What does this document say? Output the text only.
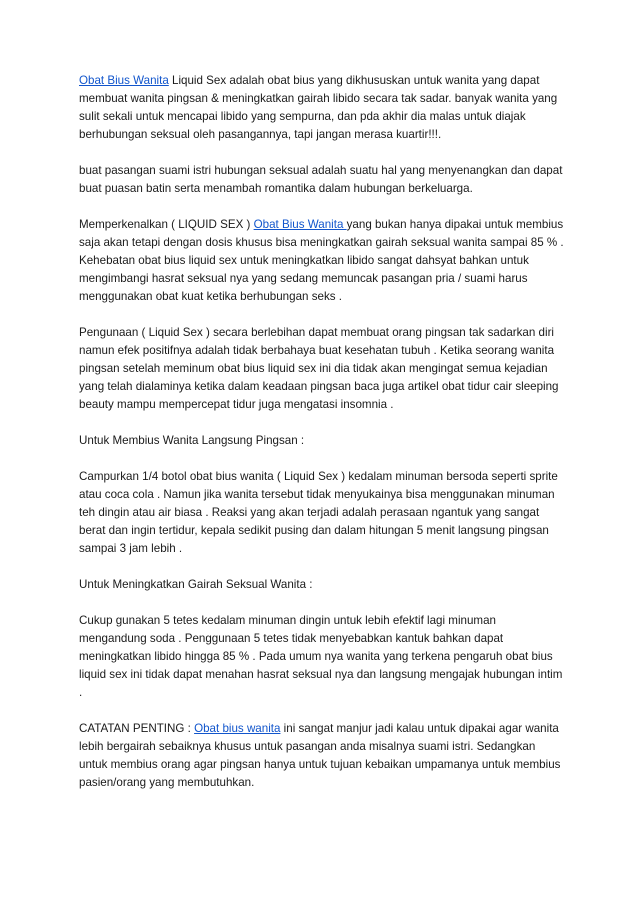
Obat Bius Wanita Liquid Sex adalah obat bius yang dikhususkan untuk wanita yang dapat membuat wanita pingsan & meningkatkan gairah libido secara tak sadar. banyak wanita yang sulit sekali untuk mencapai libido yang sempurna, dan pda akhir dia malas untuk diajak berhubungan seksual oleh pasangannya, tapi jangan merasa kuartir!!!.

buat pasangan suami istri hubungan seksual adalah suatu hal yang menyenangkan dan dapat buat puasan batin serta menambah romantika dalam hubungan berkeluarga.

Memperkenalkan ( LIQUID SEX ) Obat Bius Wanita yang bukan hanya dipakai untuk membius saja akan tetapi dengan dosis khusus bisa meningkatkan gairah seksual wanita sampai 85 % . Kehebatan obat bius liquid sex untuk meningkatkan libido sangat dahsyat bahkan untuk mengimbangi hasrat seksual nya yang sedang memuncak pasangan pria / suami harus menggunakan obat kuat ketika berhubungan seks .

Pengunaan ( Liquid Sex ) secara berlebihan dapat membuat orang pingsan tak sadarkan diri namun efek positifnya adalah tidak berbahaya buat kesehatan tubuh . Ketika seorang wanita pingsan setelah meminum obat bius liquid sex ini dia tidak akan mengingat semua kejadian yang telah dialaminya ketika dalam keadaan pingsan baca juga artikel obat tidur cair sleeping beauty mampu mempercepat tidur juga mengatasi insomnia .

Untuk Membius Wanita Langsung Pingsan :

Campurkan 1/4 botol obat bius wanita ( Liquid Sex ) kedalam minuman bersoda seperti sprite atau coca cola . Namun jika wanita tersebut tidak menyukainya bisa menggunakan minuman teh dingin atau air biasa . Reaksi yang akan terjadi adalah perasaan ngantuk yang sangat berat dan ingin tertidur, kepala sedikit pusing dan dalam hitungan 5 menit langsung pingsan sampai 3 jam lebih .

Untuk Meningkatkan Gairah Seksual Wanita :

Cukup gunakan 5 tetes kedalam minuman dingin untuk lebih efektif lagi minuman mengandung soda . Penggunaan 5 tetes tidak menyebabkan kantuk bahkan dapat meningkatkan libido hingga 85 % . Pada umum nya wanita yang terkena pengaruh obat bius liquid sex ini tidak dapat menahan hasrat seksual nya dan langsung mengajak hubungan intim .

CATATAN PENTING : Obat bius wanita ini sangat manjur jadi kalau untuk dipakai agar wanita lebih bergairah sebaiknya khusus untuk pasangan anda misalnya suami istri. Sedangkan untuk membius orang agar pingsan hanya untuk tujuan kebaikan umpamanya untuk membius pasien/orang yang membutuhkan.
